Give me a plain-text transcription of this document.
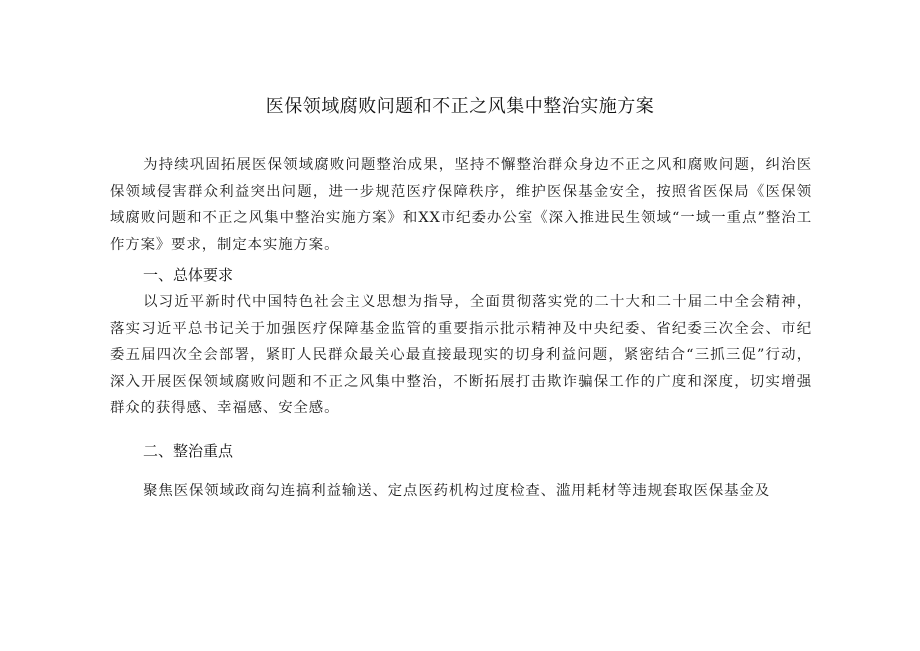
医保领域腐败问题和不正之风集中整治实施方案

为持续巩固拓展医保领域腐败问题整治成果，坚持不懈整治群众身边不正之风和腐败问题，纠治医保领域侵害群众利益突出问题，进一步规范医疗保障秩序，维护医保基金安全，按照省医保局《医保领域腐败问题和不正之风集中整治实施方案》和XX市纪委办公室《深入推进民生领域“一域一重点”整治工作方案》要求，制定本实施方案。

一、总体要求

以习近平新时代中国特色社会主义思想为指导，全面贯彻落实党的二十大和二十届二中全会精神，落实习近平总书记关于加强医疗保障基金监管的重要指示批示精神及中央纪委、省纪委三次全会、市纪委五届四次全会部署，紧盯人民群众最关心最直接最现实的切身利益问题，紧密结合“三抓三促”行动，深入开展医保领域腐败问题和不正之风集中整治，不断拓展打击欺诈骗保工作的广度和深度，切实增强群众的获得感、幸福感、安全感。

二、整治重点

聚焦医保领域政商勾连搞利益输送、定点医药机构过度检查、滥用耗材等违规套取医保基金及
